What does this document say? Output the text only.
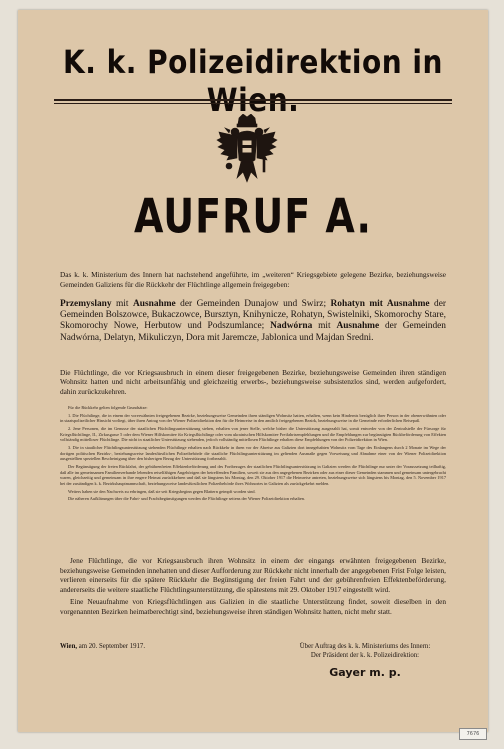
K. k. Polizeidirektion in Wien.
AUFRUF A.
Das k. k. Ministerium des Innern hat nachstehend angeführte, im „weiteren“ Kriegsgebiete gelegene Bezirke, beziehungsweise Gemeinden Galiziens für die Rückkehr der Flüchtlinge allgemein freigegeben:
Przemyslany mit Ausnahme der Gemeinden Dunajow und Swirz; Rohatyn mit Ausnahme der Gemeinden Bolszowce, Bukaczowce, Bursztyn, Knihynicze, Rohatyn, Swistelniki, Skomorochy Stare, Skomorochy Nowe, Herbutow und Podszumlance; Nadwórna mit Ausnahme der Gemeinden Nadwórna, Delatyn, Mikuliczyn, Dora mit Jaremcze, Jablonica und Majdan Sredni.
Die Flüchtlinge, die vor Kriegsausbruch in einem dieser freigegebenen Bezirke, beziehungsweise Gemeinden ihren ständigen Wohnsitz hatten und nicht arbeitsunfähig und gleichzeitig erwerbs-, beziehungsweise subsistenzlos sind, werden aufgefordert, dahin zurückzukehren.

Für die Rückkehr gelten folgende Grundsätze:

1. Die Flüchtlinge, die in einem der vorerwähnten freigegebenen Bezirke, beziehungsweise Gemeinden ihren ständigen Wohnsitz hatten, erhalten, wenn kein Hindernis bezüglich ihrer Person in der obenerwähnten oder in staatspolizeilicher Hinsicht vorliegt, über ihren Antrag von der Wiener Polizeidirektion den für die Heimreise in den amtlich freigegebenen Bezirk, beziehungsweise in die Gemeinde erforderlichen Reisepaß.

2. Jene Personen, die im Genusse der staatlichen Flüchtlingsunterstützung stehen, erhalten von jener Stelle, welche bisher die Unterstützung ausgezahlt hat, somit entweder von der Zentralstelle der Fürsorge für Kriegsflüchtlinge, II., Zirkusgasse 5 oder dem Wiener Hilfskomitee für Kriegsflüchtlinge oder vom ukrainischen Hilfskomitee Freifahrtsempfehlungen und die Empfehlungen zur begünstigten Rückbeförderung von Effekten vollständig mittelloser Flüchtlinge. Die nicht in staatlicher Unterstützung stehenden, jedoch vollständig mittellosen Flüchtlinge erhalten diese Empfehlungen von der Polizeidirektion in Wien.

3. Die in staatlicher Flüchtlingsunterstützung stehenden Flüchtlinge erhalten nach Rückkehr in ihren vor der Abreise aus Galizien dort innegehabten Wohnsitz vom Tage des Einlangens durch 2 Monate im Wege der dortigen politischen Bezirks-, beziehungsweise landesfürstlichen Polizeibehörde die staatliche Flüchtlingsunterstützung im geltenden Ausmaße gegen Vorweisung und Abnahme einer von der Wiener Polizeidirektion ausgestellten speziellen Bescheinigung über den bisherigen Bezug der Unterstützung fortbezahlt.

Der Begünstigung der freien Rückfahrt, der gebührenfreien Effektenbeförderung und des Fortbezuges der staatlichen Flüchtlingsunterstützung in Galizien werden die Flüchtlinge nur unter der Voraussetzung teilhaftig, daß alle im gemeinsamen Familienverbande lebenden reiselfähigen Angehörigen der betreffenden Familien, soweit sie aus den angegebenen Bezirken oder aus einer dieser Gemeinden stammen und gemeinsam untergebracht waren, gleichzeitig und gemeinsam in ihre engere Heimat zurückkehren und daß sie längstens bis Montag, den 29. Oktober 1917 die Heimreise antreten, beziehungsweise sich längstens bis Montag, den 5. November 1917 bei der zuständigen k. k. Bezirkshauptmannschaft, beziehungsweise landesfürstlichen Polizeibehörde ihres Wohnortes in Galizien als zurückgekehrt melden.

Weiters haben sie den Nachweis zu erbringen, daß sie seit Kriegsbeginn gegen Blattern geimpft worden sind.

Die näheren Aufklärungen über die Fahrt- und Frachtbegünstigungen werden die Flüchtlinge seitens der Wiener Polizeidirektion erhalten.

Jene Flüchtlinge, die vor Kriegsausbruch ihren Wohnsitz in einem der eingangs erwähnten freigegebenen Bezirke, beziehungsweise Gemeinden innehatten und dieser Aufforderung zur Rückkehr nicht innerhalb der angegebenen Frist Folge leisten, verlieren einerseits für die spätere Rückkehr die Begünstigung der freien Fahrt und der gebührenfreien Effektenbeförderung, andererseits die weitere staatliche Flüchtlingsunterstützung, die spätestens mit 29. Oktober 1917 eingestellt wird.

Eine Neuaufnahme von Kriegsflüchtlingen aus Galizien in die staatliche Unterstützung findet, soweit dieselben in den vorgenannten Bezirken heimatberechtigt sind, beziehungsweise ihren ständigen Wohnsitz hatten, nicht mehr statt.

Wien, am 20. September 1917.	Über Auftrag des k. k. Ministeriums des Innern:
Der Präsident der k. k. Polizeidirektion:
Gayer m. p.
7676
